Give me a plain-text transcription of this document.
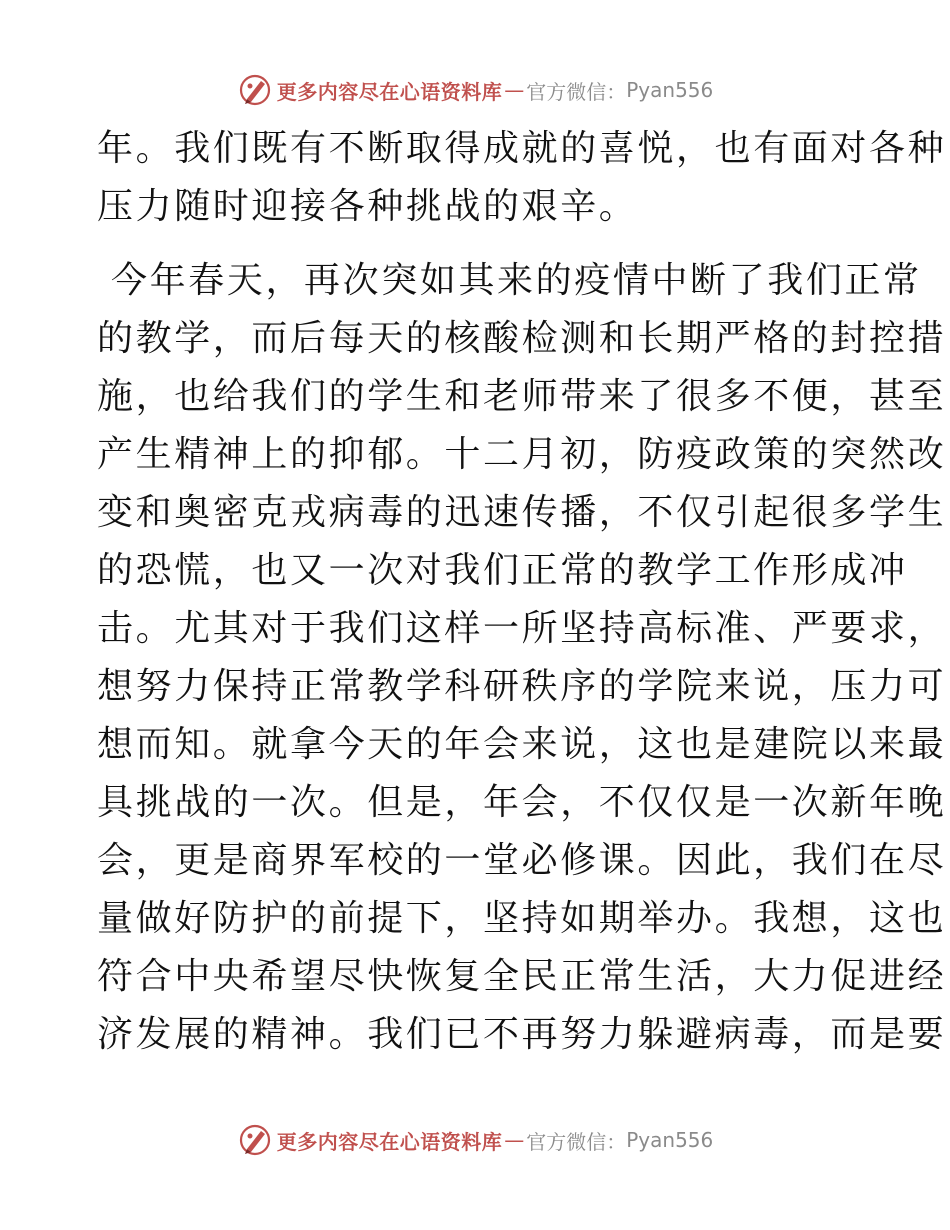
更多内容尽在心语资料库 — 官方微信： Pyan556
年。我们既有不断取得成就的喜悦，也有面对各种
压力随时迎接各种挑战的艰辛。
今年春天，再次突如其来的疫情中断了我们正常
的教学，而后每天的核酸检测和长期严格的封控措
施，也给我们的学生和老师带来了很多不便，甚至
产生精神上的抑郁。十二月初，防疫政策的突然改
变和奥密克戎病毒的迅速传播，不仅引起很多学生
的恐慌，也又一次对我们正常的教学工作形成冲
击。尤其对于我们这样一所坚持高标准、严要求，
想努力保持正常教学科研秩序的学院来说，压力可
想而知。就拿今天的年会来说，这也是建院以来最
具挑战的一次。但是，年会，不仅仅是一次新年晚
会，更是商界军校的一堂必修课。因此，我们在尽
量做好防护的前提下，坚持如期举办。我想，这也
符合中央希望尽快恢复全民正常生活，大力促进经
济发展的精神。我们已不再努力躲避病毒，而是要
更多内容尽在心语资料库 — 官方微信： Pyan556
